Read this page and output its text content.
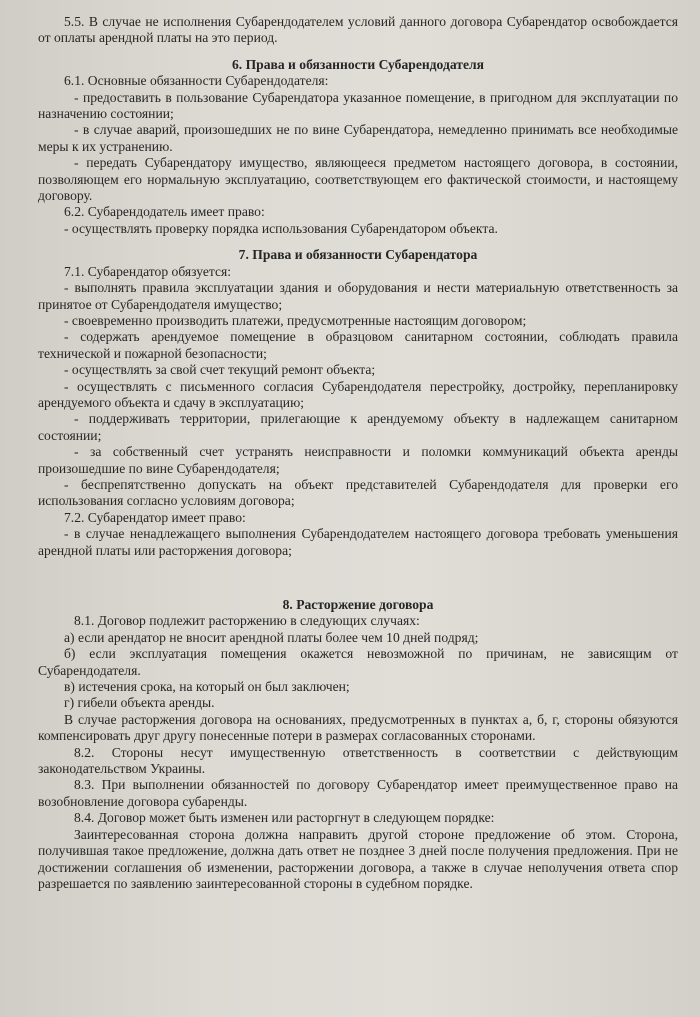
5.5. В случае не исполнения Субарендодателем условий данного договора Субарендатор освобождается от оплаты арендной платы на это период.

6. Права и обязанности Субарендодателя

6.1. Основные обязанности Субарендодателя:

- предоставить в пользование Субарендатора указанное помещение, в пригодном для эксплуатации по назначению состоянии;

- в случае аварий, произошедших не по вине Субарендатора, немедленно принимать все необходимые меры к их устранению.

- передать Субарендатору имущество, являющееся предметом настоящего договора, в состоянии, позволяющем его нормальную эксплуатацию, соответствующем его фактической стоимости, и настоящему договору.

6.2. Субарендодатель имеет право:

- осуществлять проверку порядка использования Субарендатором объекта.

7. Права и обязанности Субарендатора

7.1. Субарендатор обязуется:

- выполнять правила эксплуатации здания и оборудования и нести материальную ответственность за принятое от Субарендодателя имущество;

- своевременно производить платежи, предусмотренные настоящим договором;

- содержать арендуемое помещение в образцовом санитарном состоянии, соблюдать правила технической и пожарной безопасности;

- осуществлять за свой счет текущий ремонт объекта;

- осуществлять с письменного согласия Субарендодателя перестройку, достройку, перепланировку арендуемого объекта и сдачу в эксплуатацию;

- поддерживать территории, прилегающие к арендуемому объекту в надлежащем санитарном состоянии;

- за собственный счет устранять неисправности и поломки коммуникаций объекта аренды произошедшие по вине Субарендодателя;

- беспрепятственно допускать на объект представителей Субарендодателя для проверки его использования согласно условиям договора;

7.2. Субарендатор имеет право:

- в случае ненадлежащего выполнения Субарендодателем настоящего договора требовать уменьшения арендной платы или расторжения договора;

8. Расторжение договора

8.1. Договор подлежит расторжению в следующих случаях:

а) если арендатор не вносит арендной платы более чем 10 дней подряд;

б) если эксплуатация помещения окажется невозможной по причинам, не зависящим от Субарендодателя.

в) истечения срока, на который он был заключен;

г) гибели объекта аренды.

В случае расторжения договора на основаниях, предусмотренных в пунктах а, б, г, стороны обязуются компенсировать друг другу понесенные потери в размерах согласованных сторонами.

8.2. Стороны несут имущественную ответственность в соответствии с действующим законодательством Украины.

8.3. При выполнении обязанностей по договору Субарендатор имеет преимущественное право на возобновление договора субаренды.

8.4. Договор может быть изменен или расторгнут в следующем порядке:

Заинтересованная сторона должна направить другой стороне предложение об этом. Сторона, получившая такое предложение, должна дать ответ не позднее 3 дней после получения предложения. При не достижении соглашения об изменении, расторжении договора, а также в случае неполучения ответа спор разрешается по заявлению заинтересованной стороны в судебном порядке.
